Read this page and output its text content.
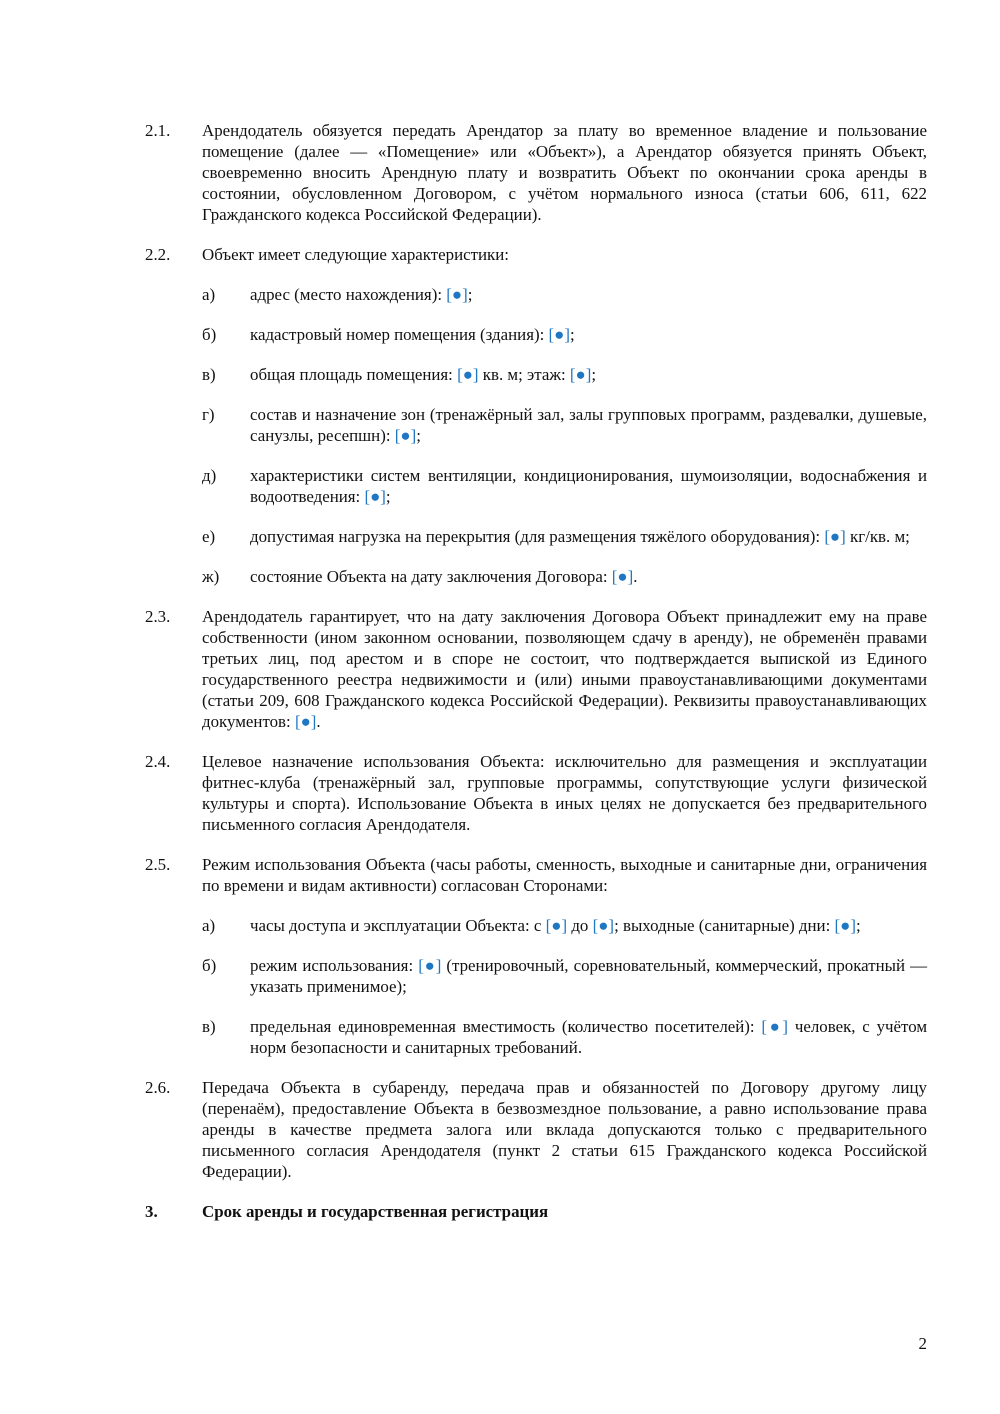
2.1.	Арендодатель обязуется передать Арендатор за плату во временное владение и пользование помещение (далее — «Помещение» или «Объект»), а Арендатор обязуется принять Объект, своевременно вносить Арендную плату и возвратить Объект по окончании срока аренды в состоянии, обусловленном Договором, с учётом нормального износа (статьи 606, 611, 622 Гражданского кодекса Российской Федерации).

2.2.	Объект имеет следующие характеристики:

а)	адрес (место нахождения): [●];
б)	кадастровый номер помещения (здания): [●];
в)	общая площадь помещения: [●] кв. м; этаж: [●];
г)	состав и назначение зон (тренажёрный зал, залы групповых программ, раздевалки, душевые, санузлы, ресепшн): [●];
д)	характеристики систем вентиляции, кондиционирования, шумоизоляции, водоснабжения и водоотведения: [●];
е)	допустимая нагрузка на перекрытия (для размещения тяжёлого оборудования): [●] кг/кв. м;
ж)	состояние Объекта на дату заключения Договора: [●].
2.3.	Арендодатель гарантирует, что на дату заключения Договора Объект принадлежит ему на праве собственности (ином законном основании, позволяющем сдачу в аренду), не обременён правами третьих лиц, под арестом и в споре не состоит, что подтверждается выпиской из Единого государственного реестра недвижимости и (или) иными правоустанавливающими документами (статьи 209, 608 Гражданского кодекса Российской Федерации). Реквизиты правоустанавливающих документов: [●].

2.4.	Целевое назначение использования Объекта: исключительно для размещения и эксплуатации фитнес-клуба (тренажёрный зал, групповые программы, сопутствующие услуги физической культуры и спорта). Использование Объекта в иных целях не допускается без предварительного письменного согласия Арендодателя.

2.5.	Режим использования Объекта (часы работы, сменность, выходные и санитарные дни, ограничения по времени и видам активности) согласован Сторонами:

а)	часы доступа и эксплуатации Объекта: с [●] до [●]; выходные (санитарные) дни: [●];
б)	режим использования: [●] (тренировочный, соревновательный, коммерческий, прокатный — указать применимое);
в)	предельная единовременная вместимость (количество посетителей): [●] человек, с учётом норм безопасности и санитарных требований.
2.6.	Передача Объекта в субаренду, передача прав и обязанностей по Договору другому лицу (перенаём), предоставление Объекта в безвозмездное пользование, а равно использование права аренды в качестве предмета залога или вклада допускаются только с предварительного письменного согласия Арендодателя (пункт 2 статьи 615 Гражданского кодекса Российской Федерации).

3.	Срок аренды и государственная регистрация
2
